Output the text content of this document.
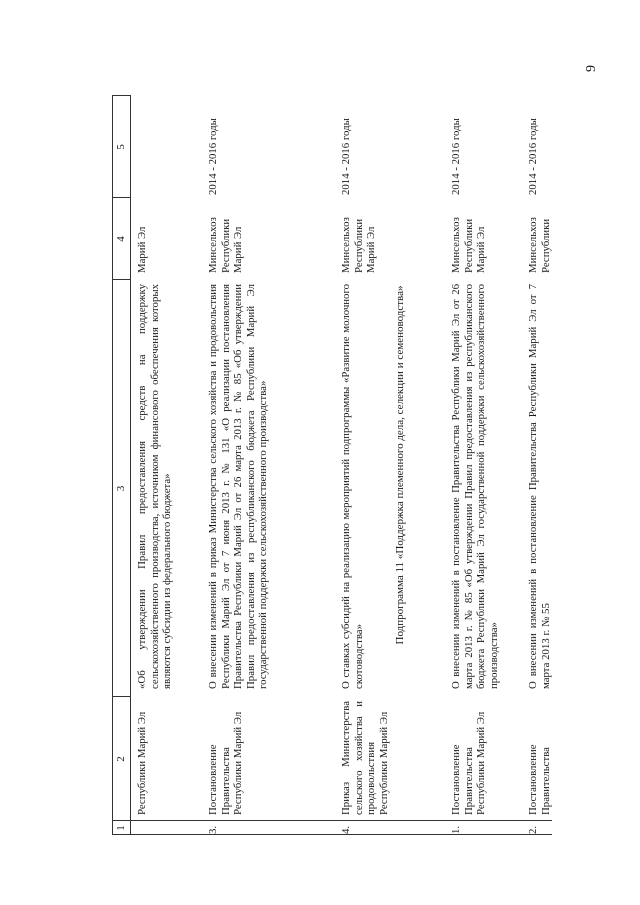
9
1
2
3
4
5
Республики Марий Эл
«Об утверждении Правил предоставления средств на поддержку сельскохозяйственного производства, источником финансового обеспечения которых являются субсидии из федерального бюджета»
Марий Эл
3.
Постановление Правительства Республики Марий Эл
О внесении изменений в приказ Министерства сельского хозяйства и продовольствия Республики Марий Эл от 7 июня 2013 г. № 131 «О реализации постановления Правительства Республики Марий Эл от 26 марта 2013 г. № 85 «Об утверждении Правил предоставления из республиканского бюджета Республики Марий Эл государственной поддержки сельскохозяйственного производства»
Минсельхоз Республики Марий Эл
2014 - 2016 годы
4.
Приказ Министерства сельского хозяйства и продовольствия Республики Марий Эл
О ставках субсидий на реализацию мероприятий подпрограммы «Развитие молочного скотоводства»
Минсельхоз Республики Марий Эл
2014 - 2016 годы
Подпрограмма 11 «Поддержка племенного дела, селекции и семеноводства»
1.
Постановление Правительства Республики Марий Эл
О внесении изменений в постановление Правительства Республики Марий Эл от 26 марта 2013 г. № 85 «Об утверждении Правил предоставления из республиканского бюджета Республики Марий Эл государственной поддержки сельскохозяйственного производства»
Минсельхоз Республики Марий Эл
2014 - 2016 годы
2.
Постановление Правительства
О внесении изменений в постановление Правительства Республики Марий Эл от 7 марта 2013 г. № 55
Минсельхоз Республики
2014 - 2016 годы
